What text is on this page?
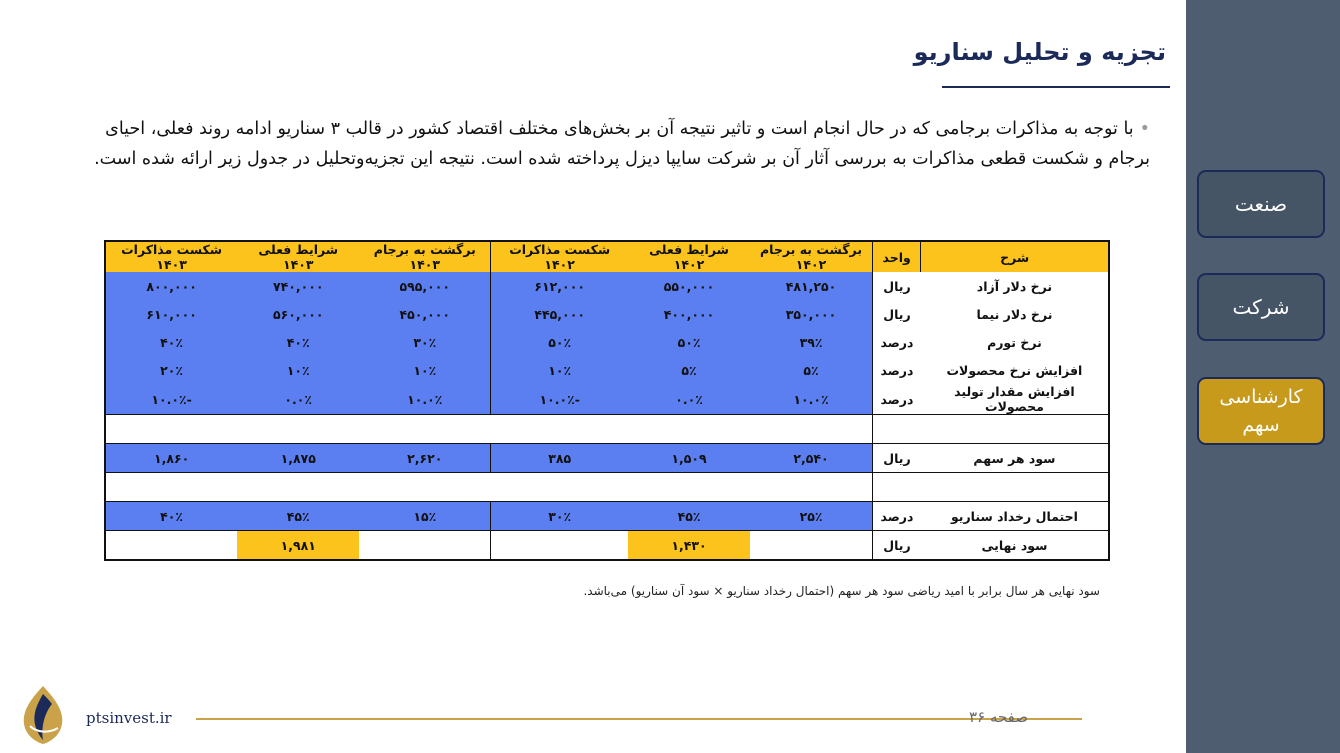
تجزیه و تحلیل سناریو
•با توجه به مذاکرات برجامی که در حال انجام است و تاثیر نتیجه آن بر بخش‌های مختلف اقتصاد کشور در قالب ۳ سناریو ادامه روند فعلی، احیای برجام و شکست قطعی مذاکرات به بررسی آثار آن بر شرکت سایپا دیزل پرداخته شده است. نتیجه این تجزیه‌وتحلیل در جدول زیر ارائه شده است.
شرح	واحد	برگشت به برجام ۱۴۰۲	شرایط فعلی ۱۴۰۲	شکست مذاکرات ۱۴۰۲	برگشت به برجام ۱۴۰۳	شرایط فعلی ۱۴۰۳	شکست مذاکرات ۱۴۰۳
نرخ دلار آزاد	ریال	۴۸۱,۲۵۰	۵۵۰,۰۰۰	۶۱۲,۰۰۰	۵۹۵,۰۰۰	۷۴۰,۰۰۰	۸۰۰,۰۰۰
نرخ دلار نیما	ریال	۳۵۰,۰۰۰	۴۰۰,۰۰۰	۴۴۵,۰۰۰	۴۵۰,۰۰۰	۵۶۰,۰۰۰	۶۱۰,۰۰۰
نرخ تورم	درصد	۳۹٪	۵۰٪	۵۰٪	۳۰٪	۴۰٪	۴۰٪
افزایش نرخ محصولات	درصد	۵٪	۵٪	۱۰٪	۱۰٪	۱۰٪	۲۰٪
افزایش مقدار تولید محصولات	درصد	۱۰.۰٪	۰.۰٪	-۱۰.۰٪	۱۰.۰٪	۰.۰٪	-۱۰.۰٪

سود هر سهم	ریال	۲,۵۴۰	۱,۵۰۹	۳۸۵	۲,۶۲۰	۱,۸۷۵	۱,۸۶۰

احتمال رخداد سناریو	درصد	۲۵٪	۴۵٪	۳۰٪	۱۵٪	۴۵٪	۴۰٪
سود نهایی	ریال		۱,۴۳۰			۱,۹۸۱	
سود نهایی هر سال برابر با امید ریاضی سود هر سهم (احتمال رخداد سناریو × سود آن سناریو) می‌باشد.
ptsinvest.ir	صفحه ۳۶
صنعت
شرکت
کارشناسی سهم
